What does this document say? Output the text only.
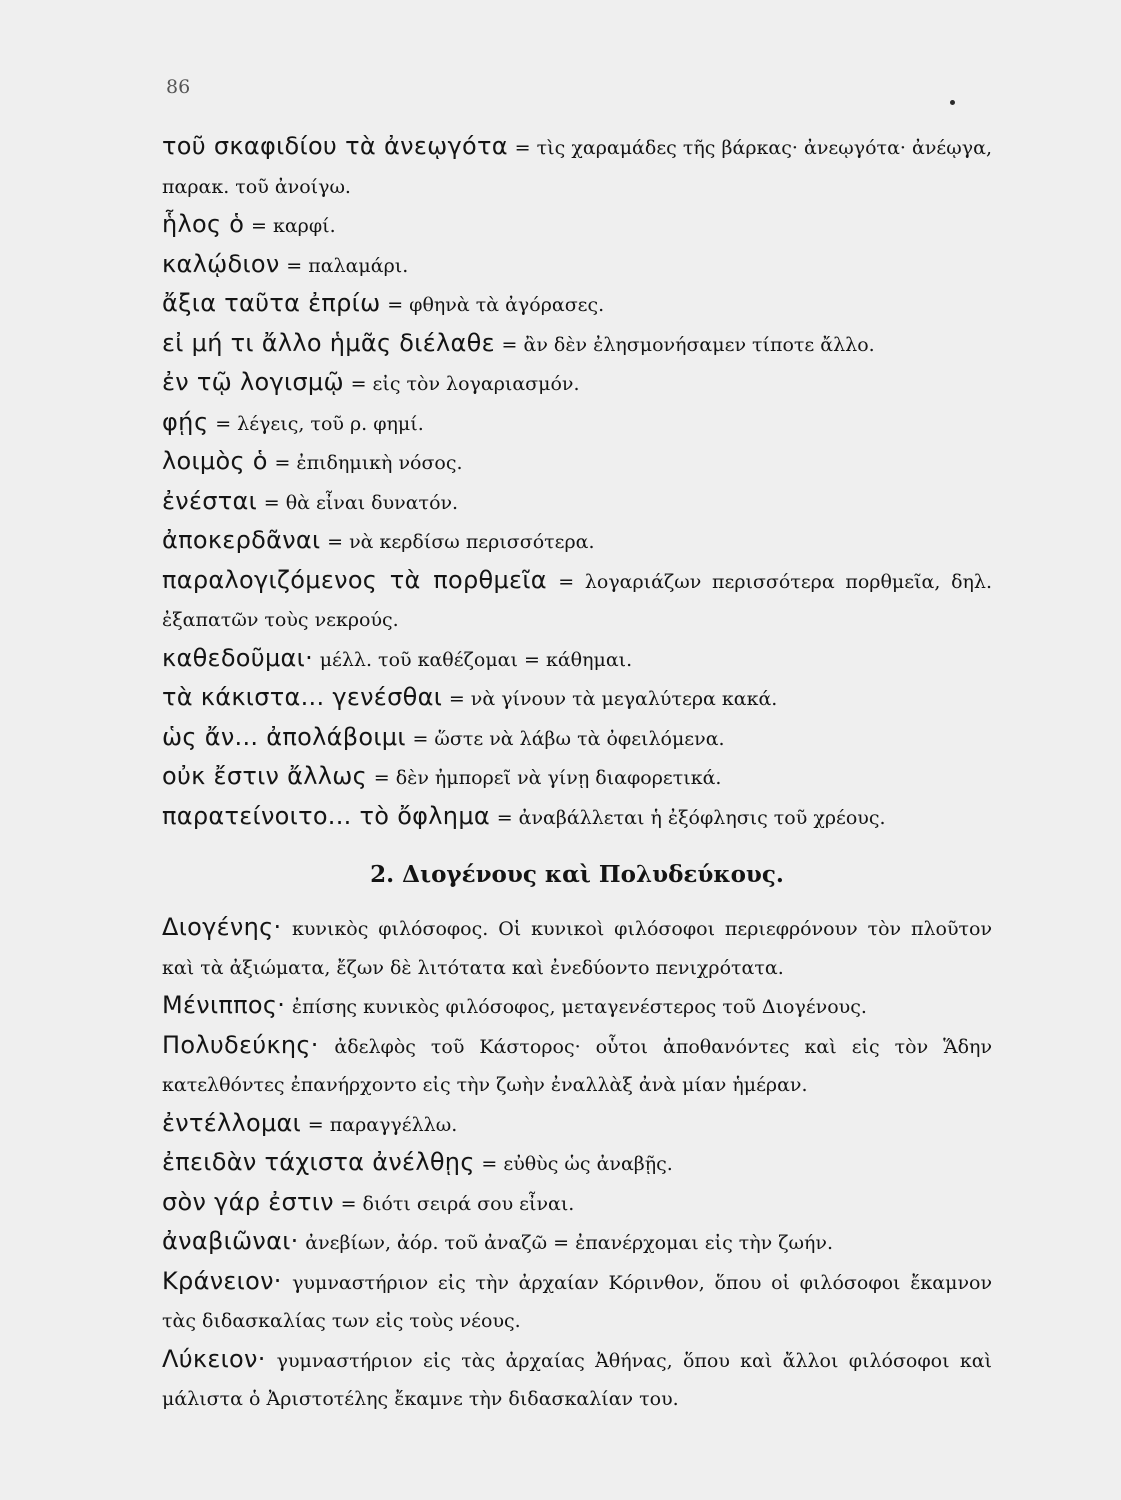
86
τοῦ σκαφιδίου τὰ ἀνεῳγότα = τὶς χαραμάδες τῆς βάρκας· ἀνεῳγότα· ἀνέῳγα, παρακ. τοῦ ἀνοίγω.
ἧλος ὁ = καρφί.
καλῴδιον = παλαμάρι.
ἄξια ταῦτα ἐπρίω = φθηνὰ τὰ ἀγόρασες.
εἰ μή τι ἄλλο ἡμᾶς διέλαθε = ἂν δὲν ἐλησμονήσαμεν τίποτε ἄλλο.
ἐν τῷ λογισμῷ = εἰς τὸν λογαριασμόν.
φῄς = λέγεις, τοῦ ρ. φημί.
λοιμὸς ὁ = ἐπιδημικὴ νόσος.
ἐνέσται = θὰ εἶναι δυνατόν.
ἀποκερδᾶναι = νὰ κερδίσω περισσότερα.
παραλογιζόμενος τὰ πορθμεῖα = λογαριάζων περισσότερα πορθμεῖα, δηλ. ἐξαπατῶν τοὺς νεκρούς.
καθεδοῦμαι· μέλλ. τοῦ καθέζομαι = κάθημαι.
τὰ κάκιστα... γενέσθαι = νὰ γίνουν τὰ μεγαλύτερα κακά.
ὡς ἄν... ἀπολάβοιμι = ὥστε νὰ λάβω τὰ ὀφειλόμενα.
οὐκ ἔστιν ἄλλως = δὲν ἠμπορεῖ νὰ γίνῃ διαφορετικά.
παρατείνοιτο... τὸ ὄφλημα = ἀναβάλλεται ἡ ἐξόφλησις τοῦ χρέους.
2. Διογένους καὶ Πολυδεύκους.
Διογένης· κυνικὸς φιλόσοφος. Οἱ κυνικοὶ φιλόσοφοι περιεφρόνουν τὸν πλοῦτον καὶ τὰ ἀξιώματα, ἔζων δὲ λιτότατα καὶ ἐνεδύοντο πενιχρότατα.
Μένιππος· ἐπίσης κυνικὸς φιλόσοφος, μεταγενέστερος τοῦ Διογένους.
Πολυδεύκης· ἀδελφὸς τοῦ Κάστορος· οὗτοι ἀποθανόντες καὶ εἰς τὸν Ἅδην κατελθόντες ἐπανήρχοντο εἰς τὴν ζωὴν ἐναλλὰξ ἀνὰ μίαν ἡμέραν.
ἐντέλλομαι = παραγγέλλω.
ἐπειδὰν τάχιστα ἀνέλθῃς = εὐθὺς ὡς ἀναβῇς.
σὸν γάρ ἐστιν = διότι σειρά σου εἶναι.
ἀναβιῶναι· ἀνεβίων, ἀόρ. τοῦ ἀναζῶ = ἐπανέρχομαι εἰς τὴν ζωήν.
Κράνειον· γυμναστήριον εἰς τὴν ἀρχαίαν Κόρινθον, ὅπου οἱ φιλόσοφοι ἔκαμνον τὰς διδασκαλίας των εἰς τοὺς νέους.
Λύκειον· γυμναστήριον εἰς τὰς ἀρχαίας Ἀθήνας, ὅπου καὶ ἄλλοι φιλόσοφοι καὶ μάλιστα ὁ Ἀριστοτέλης ἔκαμνε τὴν διδασκαλίαν του.
